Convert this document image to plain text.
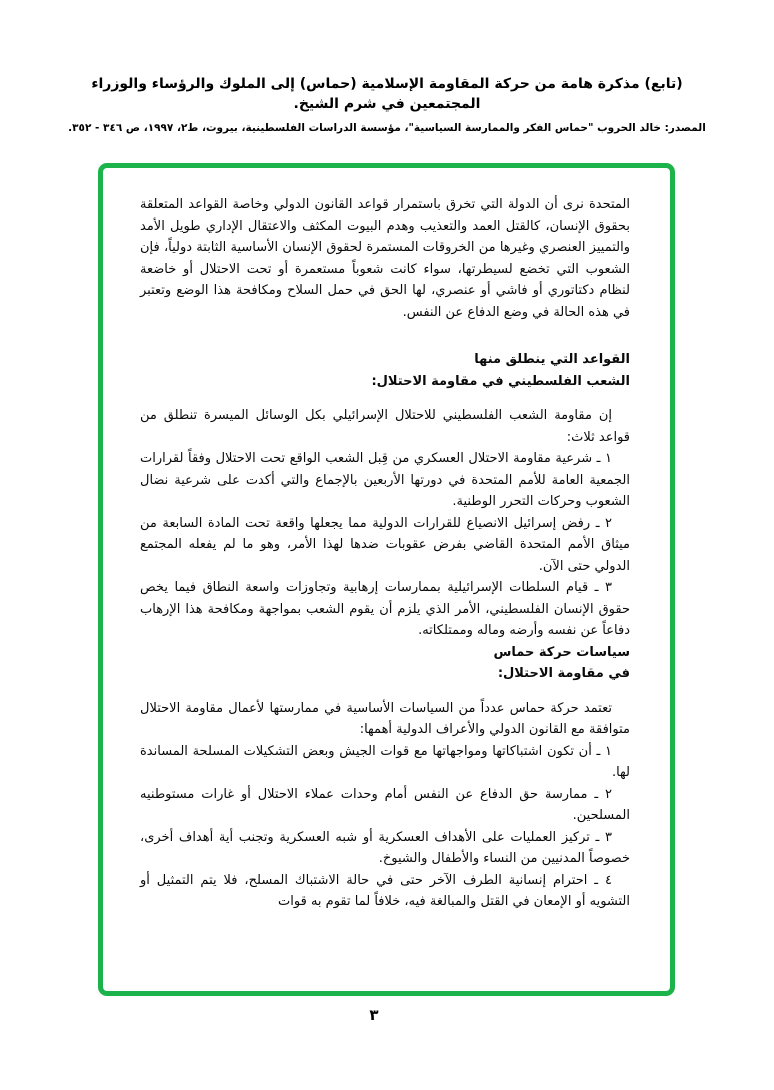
(تابع) مذكرة هامة من حركة المقاومة الإسلامية (حماس) إلى الملوك والرؤساء والوزراء المجتمعين في شرم الشيخ.
المصدر: خالد الحروب "حماس الفكر والممارسة السياسية"، مؤسسة الدراسات الفلسطينية، بيروت، ط٢، ١٩٩٧، ص ٣٤٦ - ٣٥٢.
المتحدة نرى أن الدولة التي تخرق باستمرار قواعد القانون الدولي وخاصة القواعد المتعلقة بحقوق الإنسان، كالقتل العمد والتعذيب وهدم البيوت المكثف والاعتقال الإداري طويل الأمد والتمييز العنصري وغيرها من الخروقات المستمرة لحقوق الإنسان الأساسية الثابتة دولياً، فإن الشعوب التي تخضع لسيطرتها، سواء كانت شعوباً مستعمرة أو تحت الاحتلال أو خاضعة لنظام دكتاتوري أو فاشي أو عنصري، لها الحق في حمل السلاح ومكافحة هذا الوضع وتعتبر في هذه الحالة في وضع الدفاع عن النفس.
القواعد التي ينطلق منها
الشعب الفلسطيني في مقاومة الاحتلال:
إن مقاومة الشعب الفلسطيني للاحتلال الإسرائيلي بكل الوسائل الميسرة تنطلق من قواعد ثلاث:
١ ـ شرعية مقاومة الاحتلال العسكري من قِبل الشعب الواقع تحت الاحتلال وفقاً لقرارات الجمعية العامة للأمم المتحدة في دورتها الأربعين بالإجماع والتي أكدت على شرعية نضال الشعوب وحركات التحرر الوطنية.
٢ ـ رفض إسرائيل الانصياع للقرارات الدولية مما يجعلها واقعة تحت المادة السابعة من ميثاق الأمم المتحدة القاضي بفرض عقوبات ضدها لهذا الأمر، وهو ما لم يفعله المجتمع الدولي حتى الآن.
٣ ـ قيام السلطات الإسرائيلية بممارسات إرهابية وتجاوزات واسعة النطاق فيما يخص حقوق الإنسان الفلسطيني، الأمر الذي يلزم أن يقوم الشعب بمواجهة ومكافحة هذا الإرهاب دفاعاً عن نفسه وأرضه وماله وممتلكاته.
سياسات حركة حماس
في مقاومة الاحتلال:
تعتمد حركة حماس عدداً من السياسات الأساسية في ممارستها لأعمال مقاومة الاحتلال متوافقة مع القانون الدولي والأعراف الدولية أهمها:
١ ـ أن تكون اشتباكاتها ومواجهاتها مع قوات الجيش وبعض التشكيلات المسلحة المساندة لها.
٢ ـ ممارسة حق الدفاع عن النفس أمام وحدات عملاء الاحتلال أو غارات مستوطنيه المسلحين.
٣ ـ تركيز العمليات على الأهداف العسكرية أو شبه العسكرية وتجنب أية أهداف أخرى، خصوصاً المدنيين من النساء والأطفال والشيوخ.
٤ ـ احترام إنسانية الطرف الآخر حتى في حالة الاشتباك المسلح، فلا يتم التمثيل أو التشويه أو الإمعان في القتل والمبالغة فيه، خلافاً لما تقوم به قوات
٣
